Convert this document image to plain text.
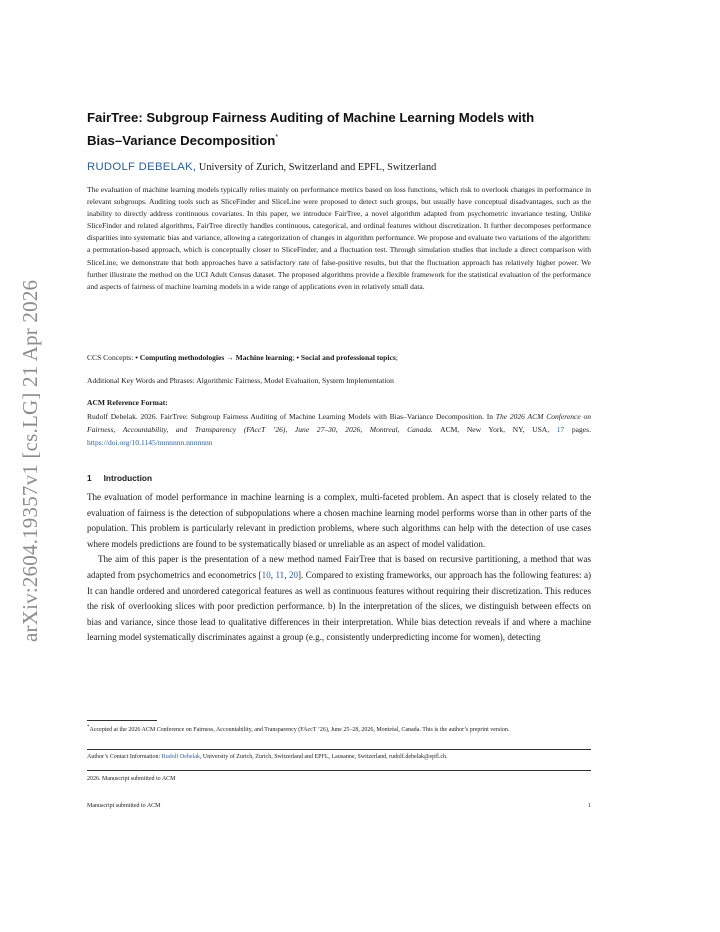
arXiv:2604.19357v1 [cs.LG] 21 Apr 2026
FairTree: Subgroup Fairness Auditing of Machine Learning Models with
Bias–Variance Decomposition*
RUDOLF DEBELAK, University of Zurich, Switzerland and EPFL, Switzerland

The evaluation of machine learning models typically relies mainly on performance metrics based on loss functions, which risk to overlook changes in performance in relevant subgroups. Auditing tools such as SliceFinder and SliceLine were proposed to detect such groups, but usually have conceptual disadvantages, such as the inability to directly address continuous covariates. In this paper, we introduce FairTree, a novel algorithm adapted from psychometric invariance testing. Unlike SliceFinder and related algorithms, FairTree directly handles continuous, categorical, and ordinal features without discretization. It further decomposes performance disparities into systematic bias and variance, allowing a categorization of changes in algorithm performance. We propose and evaluate two variations of the algorithm: a permutation-based approach, which is conceptually closer to SliceFinder, and a fluctuation test. Through simulation studies that include a direct comparison with SliceLine, we demonstrate that both approaches have a satisfactory rate of false-positive results, but that the fluctuation approach has relatively higher power. We further illustrate the method on the UCI Adult Census dataset. The proposed algorithms provide a flexible framework for the statistical evaluation of the performance and aspects of fairness of machine learning models in a wide range of applications even in relatively small data.

CCS Concepts: • Computing methodologies → Machine learning; • Social and professional topics;
Additional Key Words and Phrases: Algorithmic Fairness, Model Evaluation, System Implementation
ACM Reference Format:

Rudolf Debelak. 2026. FairTree: Subgroup Fairness Auditing of Machine Learning Models with Bias–Variance Decomposition. In The 2026 ACM Conference on Fairness, Accountability, and Transparency (FAccT ’26), June 27–30, 2026, Montreal, Canada. ACM, New York, NY, USA, 17 pages. https://doi.org/10.1145/nnnnnnn.nnnnnnn

1 Introduction

The evaluation of model performance in machine learning is a complex, multi-faceted problem. An aspect that is closely related to the evaluation of fairness is the detection of subpopulations where a chosen machine learning model performs worse than in other parts of the population. This problem is particularly relevant in prediction problems, where such algorithms can help with the detection of use cases where models predictions are found to be systematically biased or unreliable as an aspect of model validation.

The aim of this paper is the presentation of a new method named FairTree that is based on recursive partitioning, a method that was adapted from psychometrics and econometrics [10, 11, 20]. Compared to existing frameworks, our approach has the following features: a) It can handle ordered and unordered categorical features as well as continuous features without requiring their discretization. This reduces the risk of overlooking slices with poor prediction performance. b) In the interpretation of the slices, we distinguish between effects on bias and variance, since those lead to qualitative differences in their interpretation. While bias detection reveals if and where a machine learning model systematically discriminates against a group (e.g., consistently underpredicting income for women), detecting

*Accepted at the 2026 ACM Conference on Fairness, Accountability, and Transparency (FAccT ’26), June 25–28, 2026, Montréal, Canada. This is the author’s preprint version.
Author’s Contact Information: Rudolf Debelak, University of Zurich, Zurich, Switzerland and EPFL, Lausanne, Switzerland, rudolf.debelak@epfl.ch.
2026. Manuscript submitted to ACM
Manuscript submitted to ACM	1
